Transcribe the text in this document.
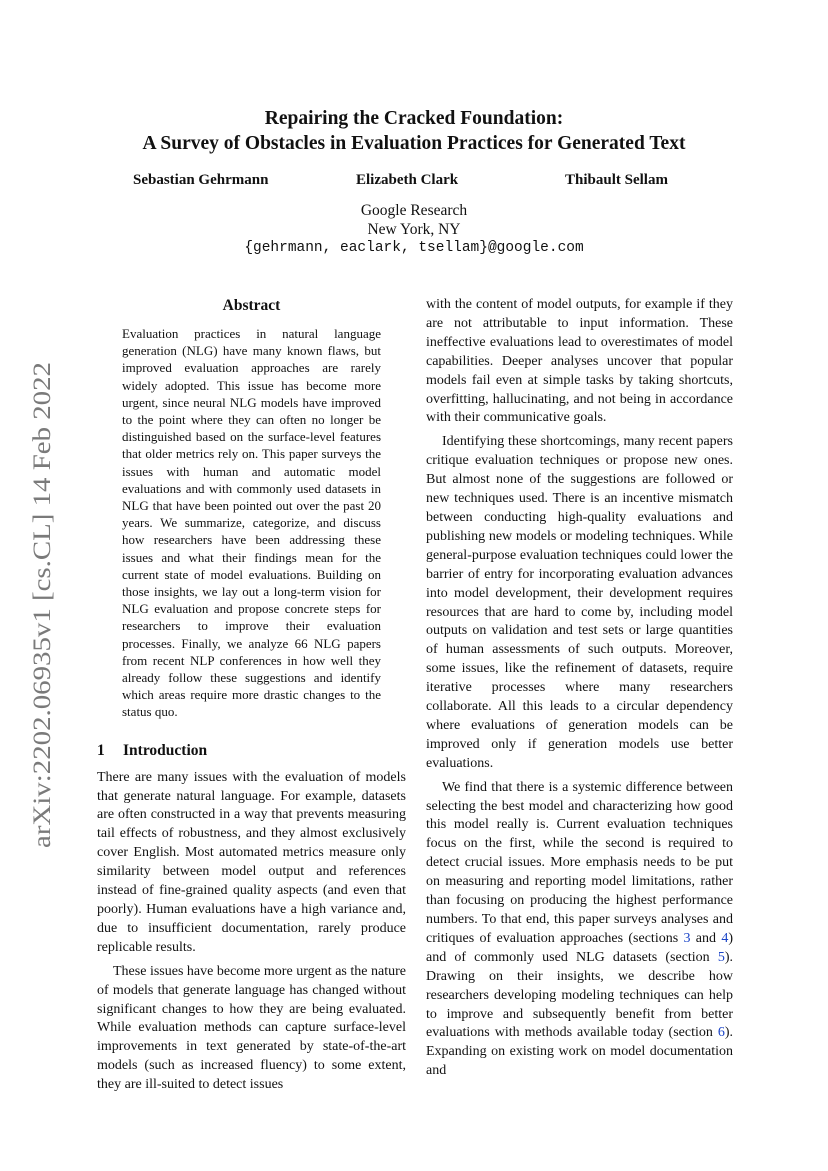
arXiv:2202.06935v1 [cs.CL] 14 Feb 2022
Repairing the Cracked Foundation:
A Survey of Obstacles in Evaluation Practices for Generated Text
Sebastian Gehrmann	Elizabeth Clark	Thibault Sellam
Google Research
New York, NY
{gehrmann, eaclark, tsellam}@google.com
Abstract
Evaluation practices in natural language generation (NLG) have many known flaws, but improved evaluation approaches are rarely widely adopted. This issue has become more urgent, since neural NLG models have improved to the point where they can often no longer be distinguished based on the surface-level features that older metrics rely on. This paper surveys the issues with human and automatic model evaluations and with commonly used datasets in NLG that have been pointed out over the past 20 years. We summarize, categorize, and discuss how researchers have been addressing these issues and what their findings mean for the current state of model evaluations. Building on those insights, we lay out a long-term vision for NLG evaluation and propose concrete steps for researchers to improve their evaluation processes. Finally, we analyze 66 NLG papers from recent NLP conferences in how well they already follow these suggestions and identify which areas require more drastic changes to the status quo.
1 Introduction

There are many issues with the evaluation of models that generate natural language. For example, datasets are often constructed in a way that prevents measuring tail effects of robustness, and they almost exclusively cover English. Most automated metrics measure only similarity between model output and references instead of fine-grained quality aspects (and even that poorly). Human evaluations have a high variance and, due to insufficient documentation, rarely produce replicable results.

These issues have become more urgent as the nature of models that generate language has changed without significant changes to how they are being evaluated. While evaluation methods can capture surface-level improvements in text generated by state-of-the-art models (such as increased fluency) to some extent, they are ill-suited to detect issues

with the content of model outputs, for example if they are not attributable to input information. These ineffective evaluations lead to overestimates of model capabilities. Deeper analyses uncover that popular models fail even at simple tasks by taking shortcuts, overfitting, hallucinating, and not being in accordance with their communicative goals.

Identifying these shortcomings, many recent papers critique evaluation techniques or propose new ones. But almost none of the suggestions are followed or new techniques used. There is an incentive mismatch between conducting high-quality evaluations and publishing new models or modeling techniques. While general-purpose evaluation techniques could lower the barrier of entry for incorporating evaluation advances into model development, their development requires resources that are hard to come by, including model outputs on validation and test sets or large quantities of human assessments of such outputs. Moreover, some issues, like the refinement of datasets, require iterative processes where many researchers collaborate. All this leads to a circular dependency where evaluations of generation models can be improved only if generation models use better evaluations.

We find that there is a systemic difference between selecting the best model and characterizing how good this model really is. Current evaluation techniques focus on the first, while the second is required to detect crucial issues. More emphasis needs to be put on measuring and reporting model limitations, rather than focusing on producing the highest performance numbers. To that end, this paper surveys analyses and critiques of evaluation approaches (sections 3 and 4) and of commonly used NLG datasets (section 5). Drawing on their insights, we describe how researchers developing modeling techniques can help to improve and subsequently benefit from better evaluations with methods available today (section 6). Expanding on existing work on model documentation and
